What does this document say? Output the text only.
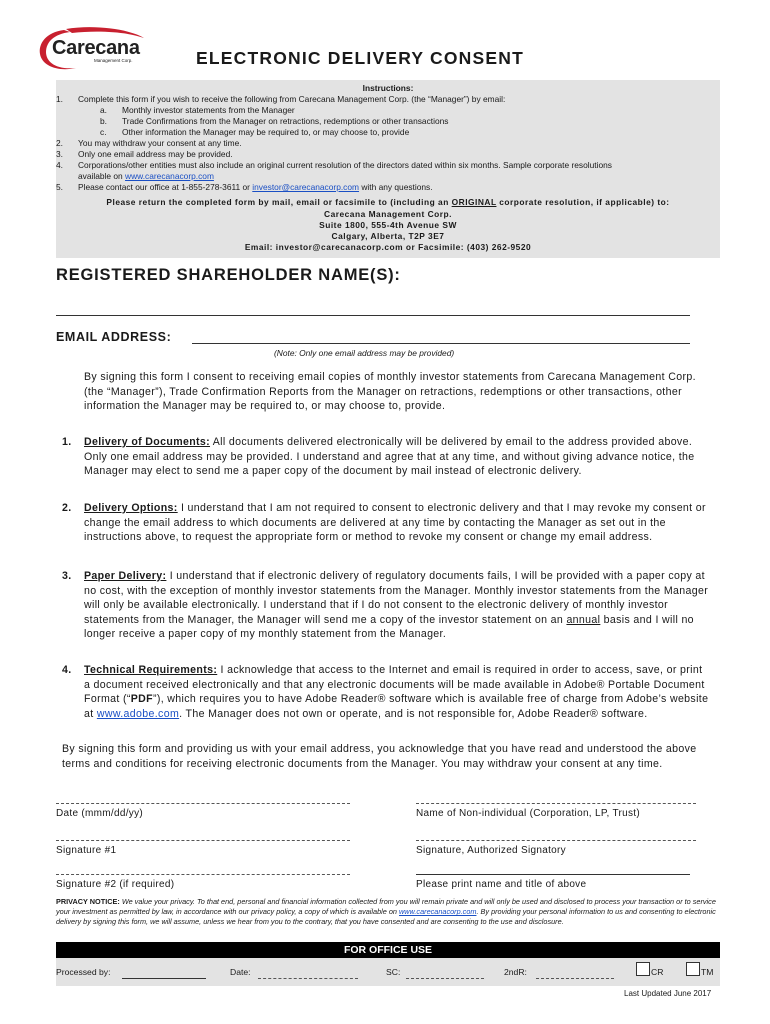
Carecana
Management Corp.	ELECTRONIC DELIVERY CONSENT
Instructions:
1.	Complete this form if you wish to receive the following from Carecana Management Corp. (the “Manager”) by email:
a.	Monthly investor statements from the Manager
b.	Trade Confirmations from the Manager on retractions, redemptions or other transactions
c.	Other information the Manager may be required to, or may choose to, provide
2.	You may withdraw your consent at any time.
3.	Only one email address may be provided.
4.	Corporations/other entities must also include an original current resolution of the directors dated within six months. Sample corporate resolutions
available on www.carecanacorp.com
5.	Please contact our office at 1-855-278-3611 or investor@carecanacorp.com with any questions.
Please return the completed form by mail, email or facsimile to (including an ORIGINAL corporate resolution, if applicable) to:
Carecana Management Corp.
Suite 1800, 555-4th Avenue SW
Calgary, Alberta, T2P 3E7
Email: investor@carecanacorp.com or Facsimile: (403) 262-9520
REGISTERED SHAREHOLDER NAME(S):
EMAIL ADDRESS:
(Note: Only one email address may be provided)
By signing this form I consent to receiving email copies of monthly investor statements from Carecana Management Corp. (the “Manager”), Trade Confirmation Reports from the Manager on retractions, redemptions or other transactions, other information the Manager may be required to, or may choose to, provide.
1. Delivery of Documents: All documents delivered electronically will be delivered by email to the address provided above. Only one email address may be provided. I understand and agree that at any time, and without giving advance notice, the Manager may elect to send me a paper copy of the document by mail instead of electronic delivery.
2. Delivery Options: I understand that I am not required to consent to electronic delivery and that I may revoke my consent or change the email address to which documents are delivered at any time by contacting the Manager as set out in the instructions above, to request the appropriate form or method to revoke my consent or change my email address.
3. Paper Delivery: I understand that if electronic delivery of regulatory documents fails, I will be provided with a paper copy at no cost, with the exception of monthly investor statements from the Manager. Monthly investor statements from the Manager will only be available electronically. I understand that if I do not consent to the electronic delivery of monthly investor statements from the Manager, the Manager will send me a copy of the investor statement on an annual basis and I will no longer receive a paper copy of my monthly statement from the Manager.
4. Technical Requirements: I acknowledge that access to the Internet and email is required in order to access, save, or print a document received electronically and that any electronic documents will be made available in Adobe® Portable Document Format (“PDF”), which requires you to have Adobe Reader® software which is available free of charge from Adobe’s website at www.adobe.com. The Manager does not own or operate, and is not responsible for, Adobe Reader® software.
By signing this form and providing us with your email address, you acknowledge that you have read and understood the above terms and conditions for receiving electronic documents from the Manager. You may withdraw your consent at any time.
Date (mmm/dd/yy)	Name of Non-individual (Corporation, LP, Trust)
Signature #1	Signature, Authorized Signatory
Signature #2 (if required)	Please print name and title of above
PRIVACY NOTICE: We value your privacy. To that end, personal and financial information collected from you will remain private and will only be used and disclosed to process your transaction or to service your investment as permitted by law, in accordance with our privacy policy, a copy of which is available on www.carecanacorp.com. By providing your personal information to us and consenting to electronic delivery by signing this form, we will assume, unless we hear from you to the contrary, that you have consented and are consenting to the use and disclosure.
FOR OFFICE USE
Processed by:	Date:	SC:	2ndR:	CR	TM
Last Updated June 2017
